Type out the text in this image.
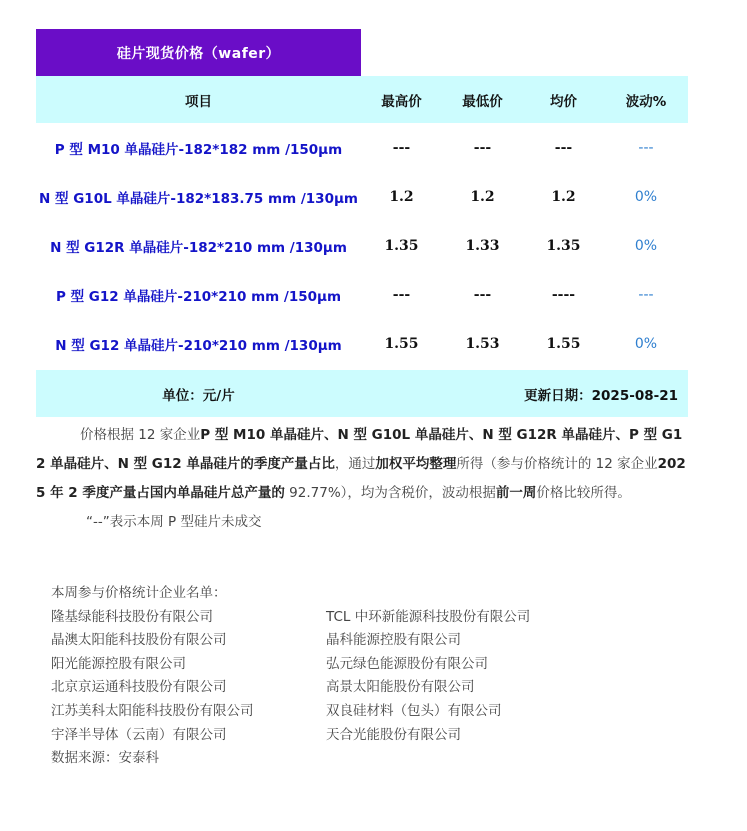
硅片现货价格（wafer）
项目	最高价	最低价	均价	波动%
P 型 M10 单晶硅片-182*182 mm /150μm	---	---	---	---
N 型 G10L 单晶硅片-182*183.75 mm /130μm	1.2	1.2	1.2	0%
N 型 G12R 单晶硅片-182*210 mm /130μm	1.35	1.33	1.35	0%
P 型 G12 单晶硅片-210*210 mm /150μm	---	---	----	---
N 型 G12 单晶硅片-210*210 mm /130μm	1.55	1.53	1.55	0%
单位：元/片	更新日期：2025-08-21
价格根据 12 家企业P 型 M10 单晶硅片、N 型 G10L 单晶硅片、N 型 G12R 单晶硅片、P 型 G12 单晶硅片、N 型 G12 单晶硅片的季度产量占比，通过加权平均整理所得（参与价格统计的 12 家企业2025 年 2 季度产量占国内单晶硅片总产量的 92.77%），均为含税价，波动根据前一周价格比较所得。
“--”表示本周 P 型硅片未成交
本周参与价格统计企业名单：
隆基绿能科技股份有限公司	TCL 中环新能源科技股份有限公司
晶澳太阳能科技股份有限公司	晶科能源控股有限公司
阳光能源控股有限公司	弘元绿色能源股份有限公司
北京京运通科技股份有限公司	高景太阳能股份有限公司
江苏美科太阳能科技股份有限公司	双良硅材料（包头）有限公司
宇泽半导体（云南）有限公司	天合光能股份有限公司
数据来源：安泰科
